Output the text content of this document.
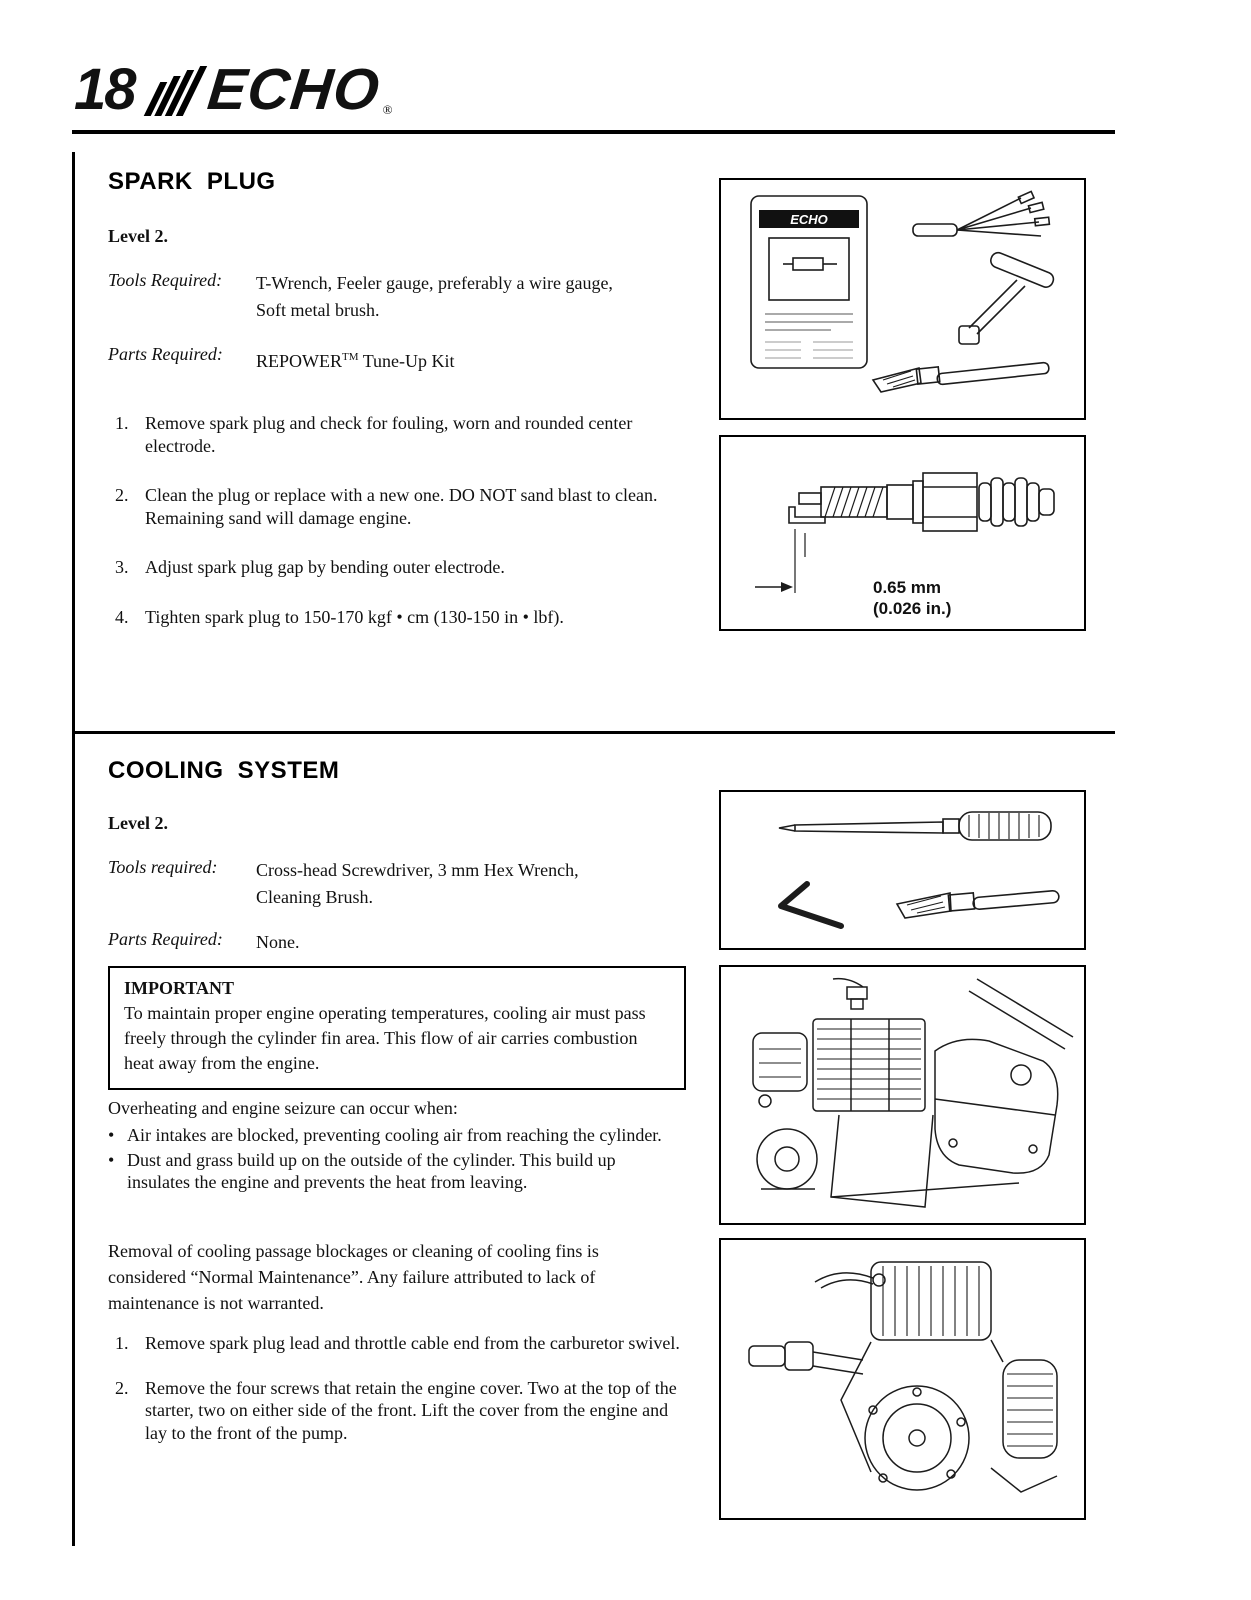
18 ECHO ®
SPARK PLUG
Level 2.
Tools Required:	T-Wrench, Feeler gauge, preferably a wire gauge,
Soft metal brush.
Parts Required:	REPOWER™ Tune-Up Kit
1. Remove spark plug and check for fouling, worn and rounded center electrode.
2. Clean the plug or replace with a new one. DO NOT sand blast to clean. Remaining sand will damage engine.
3. Adjust spark plug gap by bending outer electrode.
4. Tighten spark plug to 150-170 kgf • cm (130-150 in • lbf).
ECHO
0.65 mm
(0.026 in.)
COOLING SYSTEM
Level 2.
Tools required:	Cross-head Screwdriver, 3 mm Hex Wrench,
Cleaning Brush.
Parts Required:	None.
IMPORTANT
To maintain proper engine operating temperatures, cooling air must pass freely through the cylinder fin area. This flow of air carries combustion heat away from the engine.
Overheating and engine seizure can occur when:
• Air intakes are blocked, preventing cooling air from reaching the cylinder.
• Dust and grass build up on the outside of the cylinder. This build up insulates the engine and prevents the heat from leaving.
Removal of cooling passage blockages or cleaning of cooling fins is considered “Normal Maintenance”. Any failure attributed to lack of maintenance is not warranted.
1. Remove spark plug lead and throttle cable end from the carburetor swivel.
2. Remove the four screws that retain the engine cover. Two at the top of the starter, two on either side of the front. Lift the cover from the engine and lay to the front of the pump.
